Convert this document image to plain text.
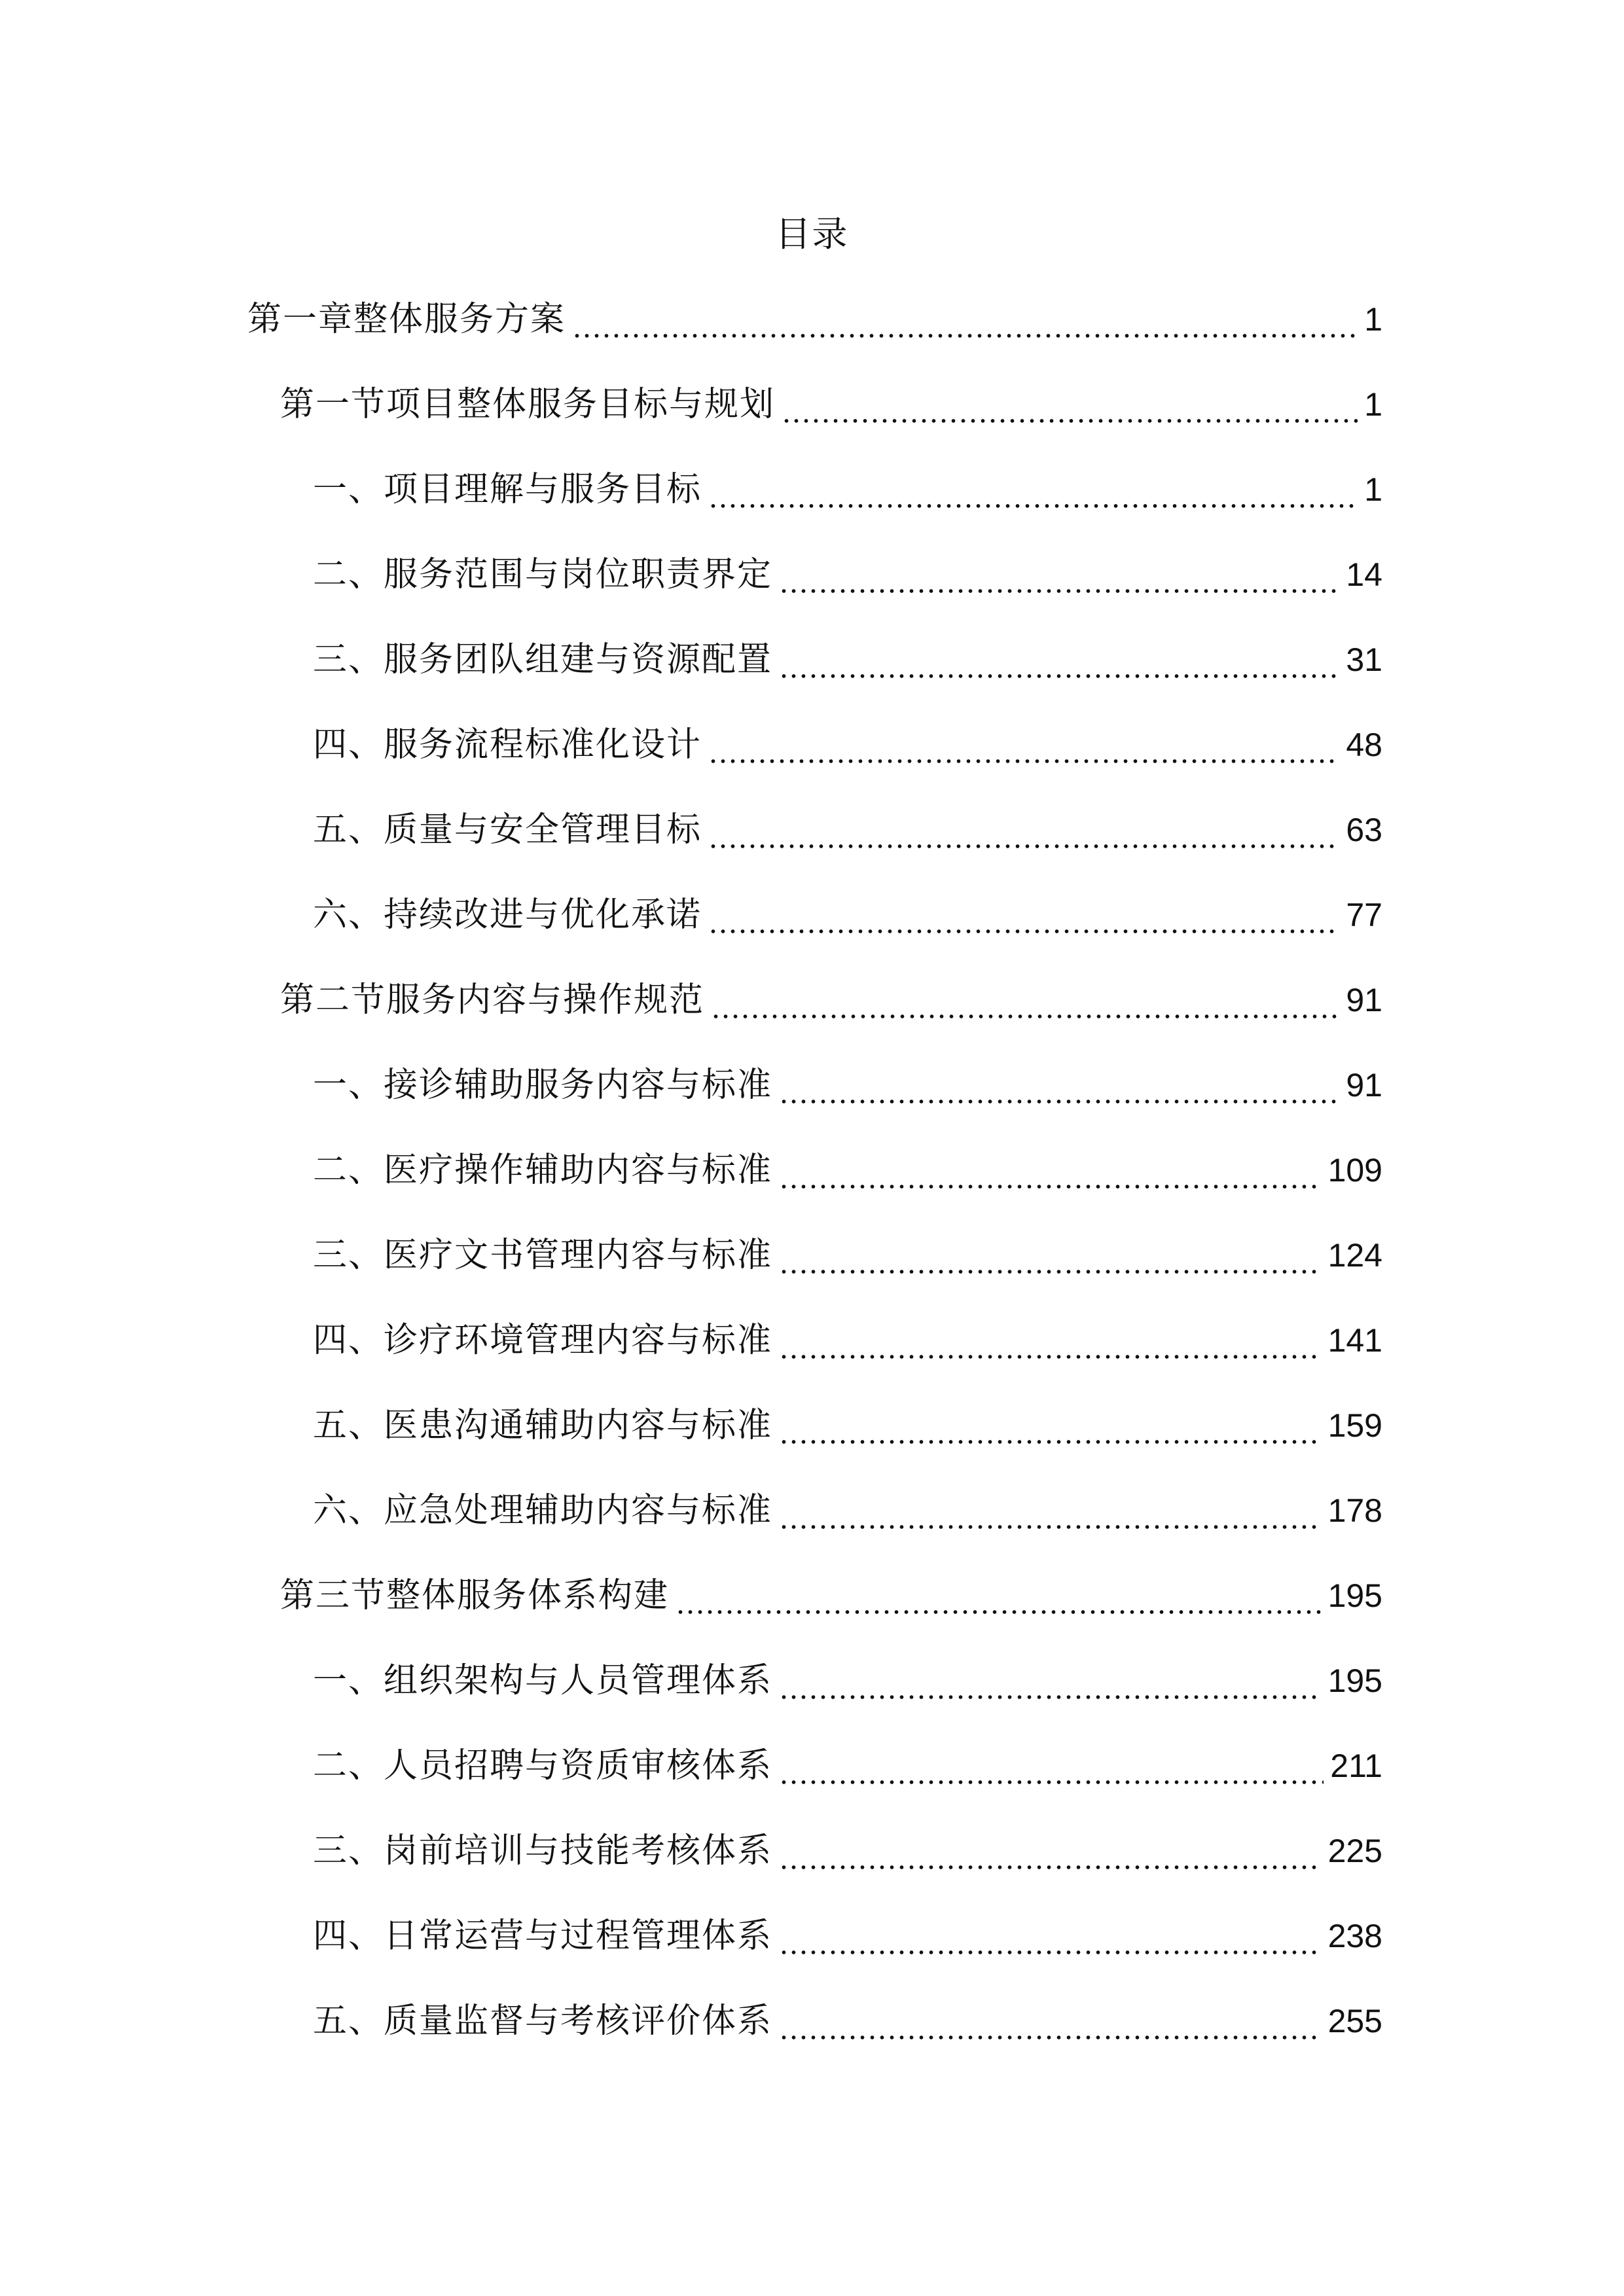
目录
第一章整体服务方案	1
第一节项目整体服务目标与规划	1
一、项目理解与服务目标	1
二、服务范围与岗位职责界定	14
三、服务团队组建与资源配置	31
四、服务流程标准化设计	48
五、质量与安全管理目标	63
六、持续改进与优化承诺	77
第二节服务内容与操作规范	91
一、接诊辅助服务内容与标准	91
二、医疗操作辅助内容与标准	109
三、医疗文书管理内容与标准	124
四、诊疗环境管理内容与标准	141
五、医患沟通辅助内容与标准	159
六、应急处理辅助内容与标准	178
第三节整体服务体系构建	195
一、组织架构与人员管理体系	195
二、人员招聘与资质审核体系	211
三、岗前培训与技能考核体系	225
四、日常运营与过程管理体系	238
五、质量监督与考核评价体系	255
